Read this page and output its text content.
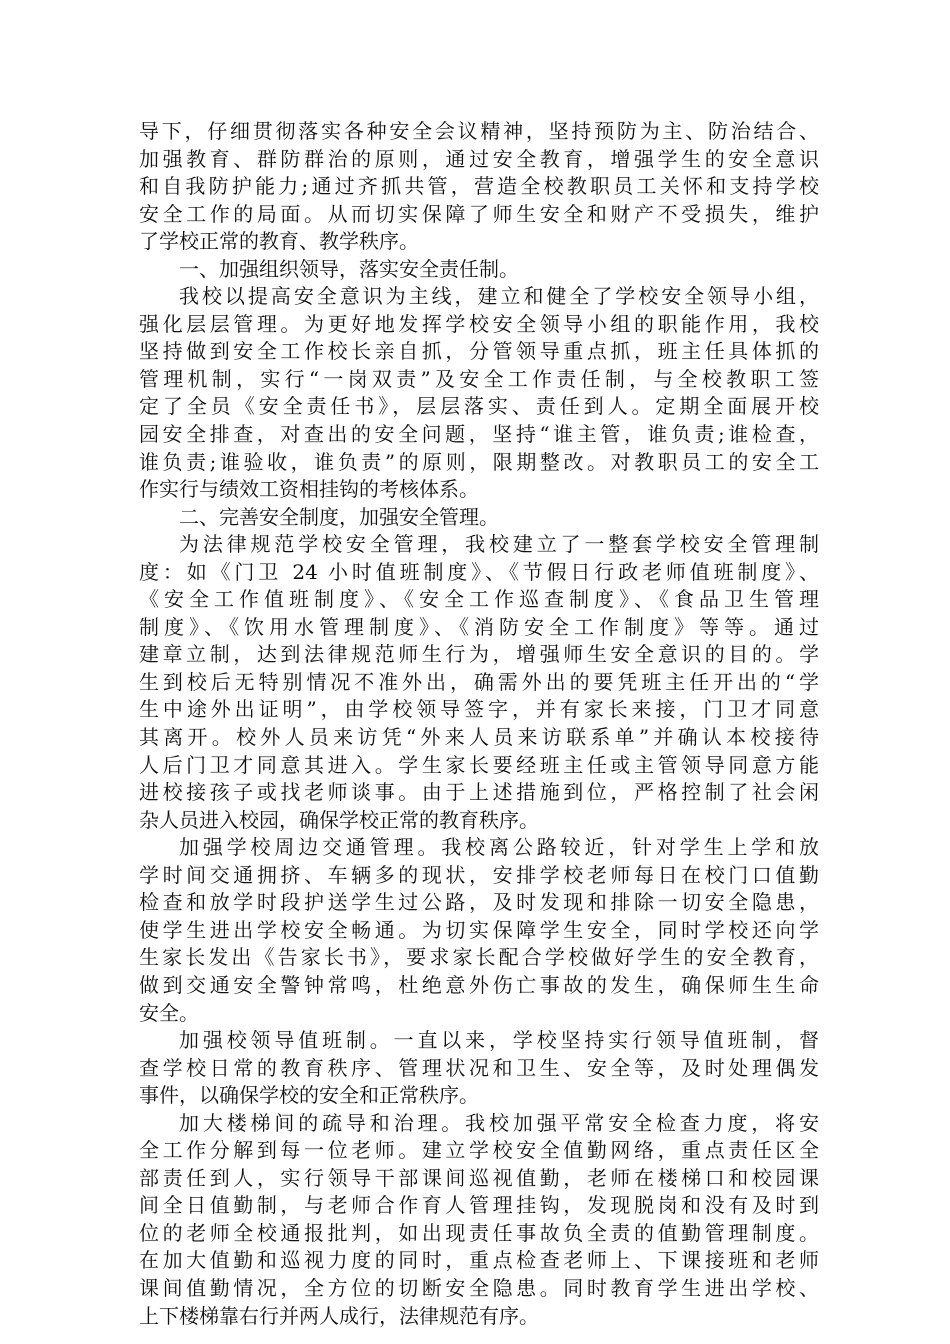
导下，仔细贯彻落实各种安全会议精神，坚持预防为主、防治结合、
加强教育、群防群治的原则，通过安全教育，增强学生的安全意识
和自我防护能力;通过齐抓共管，营造全校教职员工关怀和支持学校
安全工作的局面。从而切实保障了师生安全和财产不受损失，维护
了学校正常的教育、教学秩序。
一、加强组织领导，落实安全责任制。
我校以提高安全意识为主线，建立和健全了学校安全领导小组，
强化层层管理。为更好地发挥学校安全领导小组的职能作用，我校
坚持做到安全工作校长亲自抓，分管领导重点抓，班主任具体抓的
管理机制，实行“一岗双责”及安全工作责任制，与全校教职工签
定了全员《安全责任书》，层层落实、责任到人。定期全面展开校
园安全排查，对查出的安全问题，坚持“谁主管，谁负责;谁检查，
谁负责;谁验收，谁负责”的原则，限期整改。对教职员工的安全工
作实行与绩效工资相挂钩的考核体系。
二、完善安全制度，加强安全管理。
为法律规范学校安全管理，我校建立了一整套学校安全管理制
度：如《门卫 24 小时值班制度》、《节假日行政老师值班制度》、
《安全工作值班制度》、《安全工作巡查制度》、《食品卫生管理
制度》、《饮用水管理制度》、《消防安全工作制度》等等。通过
建章立制，达到法律规范师生行为，增强师生安全意识的目的。学
生到校后无特别情况不准外出，确需外出的要凭班主任开出的“学
生中途外出证明”，由学校领导签字，并有家长来接，门卫才同意
其离开。校外人员来访凭“外来人员来访联系单”并确认本校接待
人后门卫才同意其进入。学生家长要经班主任或主管领导同意方能
进校接孩子或找老师谈事。由于上述措施到位，严格控制了社会闲
杂人员进入校园，确保学校正常的教育秩序。
加强学校周边交通管理。我校离公路较近，针对学生上学和放
学时间交通拥挤、车辆多的现状，安排学校老师每日在校门口值勤
检查和放学时段护送学生过公路，及时发现和排除一切安全隐患，
使学生进出学校安全畅通。为切实保障学生安全，同时学校还向学
生家长发出《告家长书》，要求家长配合学校做好学生的安全教育，
做到交通安全警钟常鸣，杜绝意外伤亡事故的发生，确保师生生命
安全。
加强校领导值班制。一直以来，学校坚持实行领导值班制，督
查学校日常的教育秩序、管理状况和卫生、安全等，及时处理偶发
事件，以确保学校的安全和正常秩序。
加大楼梯间的疏导和治理。我校加强平常安全检查力度，将安
全工作分解到每一位老师。建立学校安全值勤网络，重点责任区全
部责任到人，实行领导干部课间巡视值勤，老师在楼梯口和校园课
间全日值勤制，与老师合作育人管理挂钩，发现脱岗和没有及时到
位的老师全校通报批判，如出现责任事故负全责的值勤管理制度。
在加大值勤和巡视力度的同时，重点检查老师上、下课接班和老师
课间值勤情况，全方位的切断安全隐患。同时教育学生进出学校、
上下楼梯靠右行并两人成行，法律规范有序。
